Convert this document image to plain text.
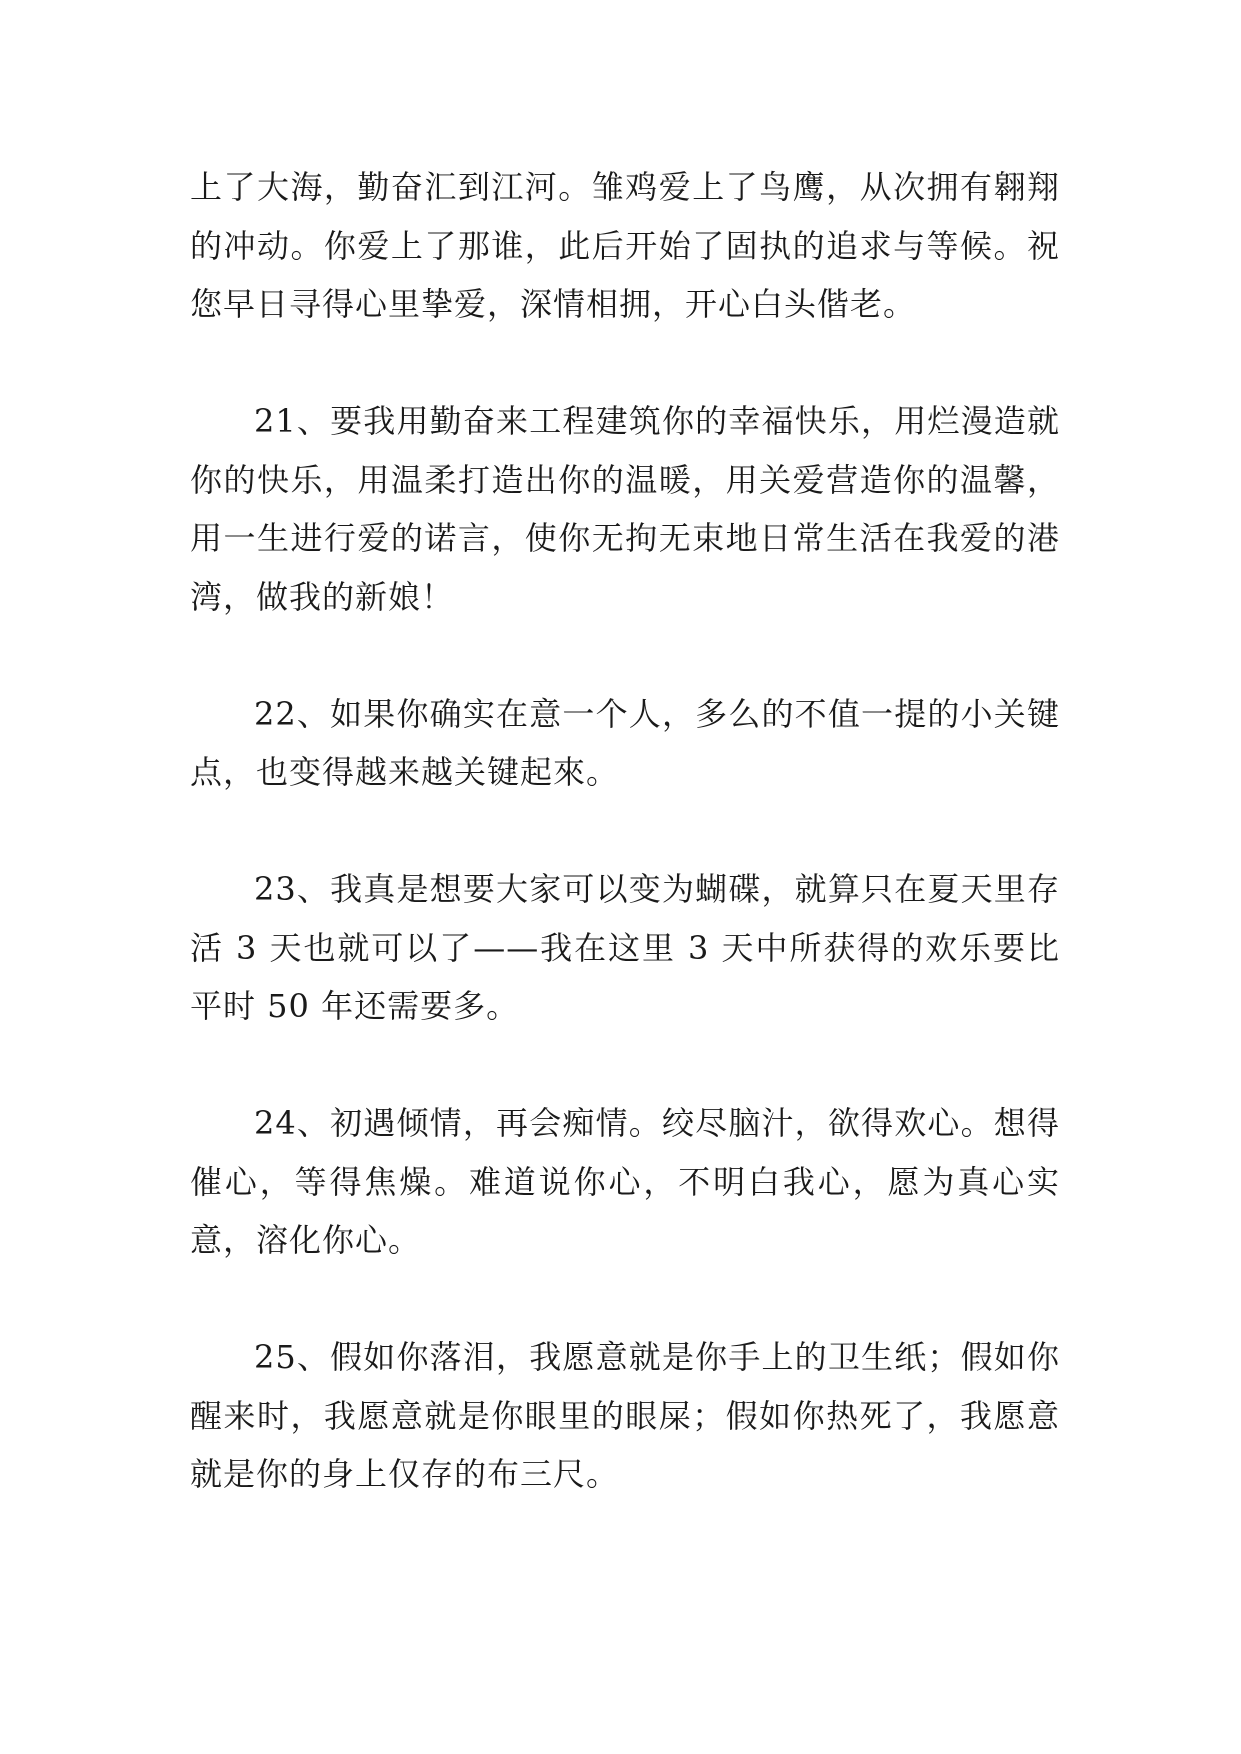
上了大海，勤奋汇到江河。雏鸡爱上了鸟鹰，从次拥有翱翔的冲动。你爱上了那谁，此后开始了固执的追求与等候。祝您早日寻得心里挚爱，深情相拥，开心白头偕老。

21、要我用勤奋来工程建筑你的幸福快乐，用烂漫造就你的快乐，用温柔打造出你的温暖，用关爱营造你的温馨，用一生进行爱的诺言，使你无拘无束地日常生活在我爱的港湾，做我的新娘！

22、如果你确实在意一个人，多么的不值一提的小关键点，也变得越来越关键起來。

23、我真是想要大家可以变为蝴碟，就算只在夏天里存活 3 天也就可以了——我在这里 3 天中所获得的欢乐要比平时 50 年还需要多。

24、初遇倾情，再会痴情。绞尽脑汁，欲得欢心。想得催心，等得焦燥。难道说你心，不明白我心，愿为真心实意，溶化你心。

25、假如你落泪，我愿意就是你手上的卫生纸；假如你醒来时，我愿意就是你眼里的眼屎；假如你热死了，我愿意就是你的身上仅存的布三尺。
